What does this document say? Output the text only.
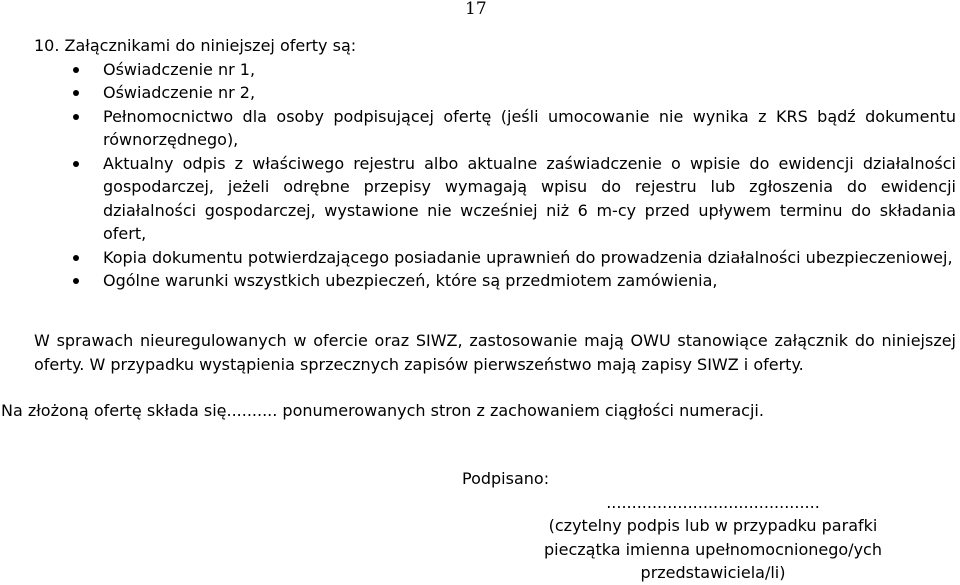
17
10. Załącznikami do niniejszej oferty są:
Oświadczenie nr 1,
Oświadczenie nr 2,
Pełnomocnictwo dla osoby podpisującej ofertę (jeśli umocowanie nie wynika z KRS bądź dokumentu równorzędnego),
Aktualny odpis z właściwego rejestru albo aktualne zaświadczenie o wpisie do ewidencji działalności gospodarczej, jeżeli odrębne przepisy wymagają wpisu do rejestru lub zgłoszenia do ewidencji działalności gospodarczej, wystawione nie wcześniej niż 6 m-cy przed upływem terminu do składania ofert,
Kopia dokumentu potwierdzającego posiadanie uprawnień do prowadzenia działalności ubezpieczeniowej,
Ogólne warunki wszystkich ubezpieczeń, które są przedmiotem zamówienia,
W sprawach nieuregulowanych w ofercie oraz SIWZ, zastosowanie mają OWU stanowiące załącznik do niniejszej oferty. W przypadku wystąpienia sprzecznych zapisów pierwszeństwo mają zapisy SIWZ i oferty.
Na złożoną ofertę składa się.......... ponumerowanych stron z zachowaniem ciągłości numeracji.
Podpisano:
..........................................
(czytelny podpis lub w przypadku parafki
pieczątka imienna upełnomocnionego/ych
przedstawiciela/li)
